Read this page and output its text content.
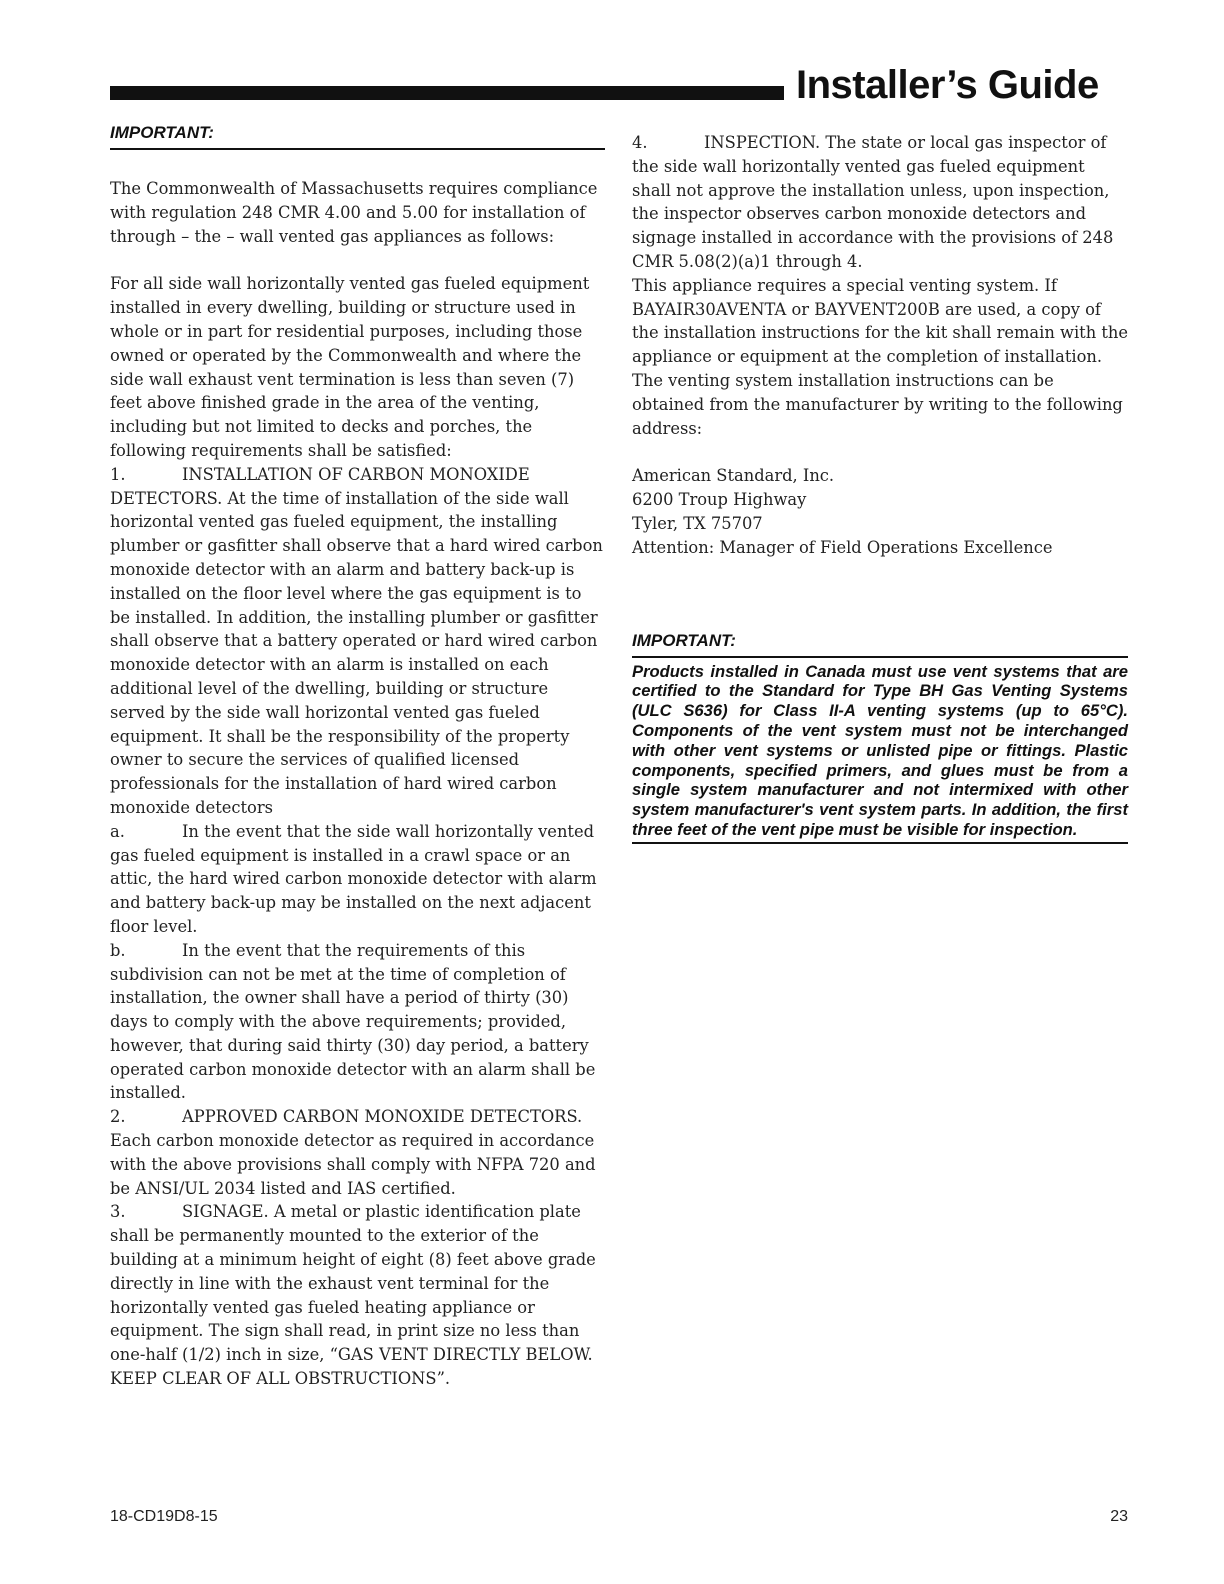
Installer’s Guide
IMPORTANT:

The Commonwealth of Massachusetts requires compliance with regulation 248 CMR 4.00 and 5.00 for installation of through – the – wall vented gas appliances as follows:

For all side wall horizontally vented gas fueled equipment installed in every dwelling, building or structure used in whole or in part for residential purposes, including those owned or operated by the Commonwealth and where the side wall exhaust vent termination is less than seven (7) feet above finished grade in the area of the venting, including but not limited to decks and porches, the following requirements shall be satisfied:

1.	INSTALLATION OF CARBON MONOXIDE DETECTORS. At the time of installation of the side wall horizontal vented gas fueled equipment, the installing plumber or gasfitter shall observe that a hard wired carbon monoxide detector with an alarm and battery back-up is installed on the floor level where the gas equipment is to be installed. In addition, the installing plumber or gasfitter shall observe that a battery operated or hard wired carbon monoxide detector with an alarm is installed on each additional level of the dwelling, building or structure served by the side wall horizontal vented gas fueled equipment. It shall be the responsibility of the property owner to secure the services of qualified licensed professionals for the installation of hard wired carbon monoxide detectors

a.	In the event that the side wall horizontally vented gas fueled equipment is installed in a crawl space or an attic, the hard wired carbon monoxide detector with alarm and battery back-up may be installed on the next adjacent floor level.

b.	In the event that the requirements of this subdivision can not be met at the time of completion of installation, the owner shall have a period of thirty (30) days to comply with the above requirements; provided, however, that during said thirty (30) day period, a battery operated carbon monoxide detector with an alarm shall be installed.

2.	APPROVED CARBON MONOXIDE DETECTORS. Each carbon monoxide detector as required in accordance with the above provisions shall comply with NFPA 720 and be ANSI/UL 2034 listed and IAS certified.

3.	SIGNAGE. A metal or plastic identification plate shall be permanently mounted to the exterior of the building at a minimum height of eight (8) feet above grade directly in line with the exhaust vent terminal for the horizontally vented gas fueled heating appliance or equipment. The sign shall read, in print size no less than one-half (1/2) inch in size, “GAS VENT DIRECTLY BELOW. KEEP CLEAR OF ALL OBSTRUCTIONS”.

4.	INSPECTION. The state or local gas inspector of the side wall horizontally vented gas fueled equipment shall not approve the installation unless, upon inspection, the inspector observes carbon monoxide detectors and signage installed in accordance with the provisions of 248 CMR 5.08(2)(a)1 through 4.

This appliance requires a special venting system. If BAYAIR30AVENTA or BAYVENT200B are used, a copy of the installation instructions for the kit shall remain with the appliance or equipment at the completion of installation. The venting system installation instructions can be obtained from the manufacturer by writing to the following address:

American Standard, Inc.

6200 Troup Highway

Tyler, TX 75707

Attention: Manager of Field Operations Excellence

IMPORTANT:
Products installed in Canada must use vent systems that are certified to the Standard for Type BH Gas Venting Systems (ULC S636) for Class II-A venting systems (up to 65°C). Components of the vent system must not be interchanged with other vent systems or unlisted pipe or fittings. Plastic components, specified primers, and glues must be from a single system manufacturer and not intermixed with other system manufacturer's vent system parts. In addition, the first three feet of the vent pipe must be visible for inspection.
18-CD19D8-15	23
